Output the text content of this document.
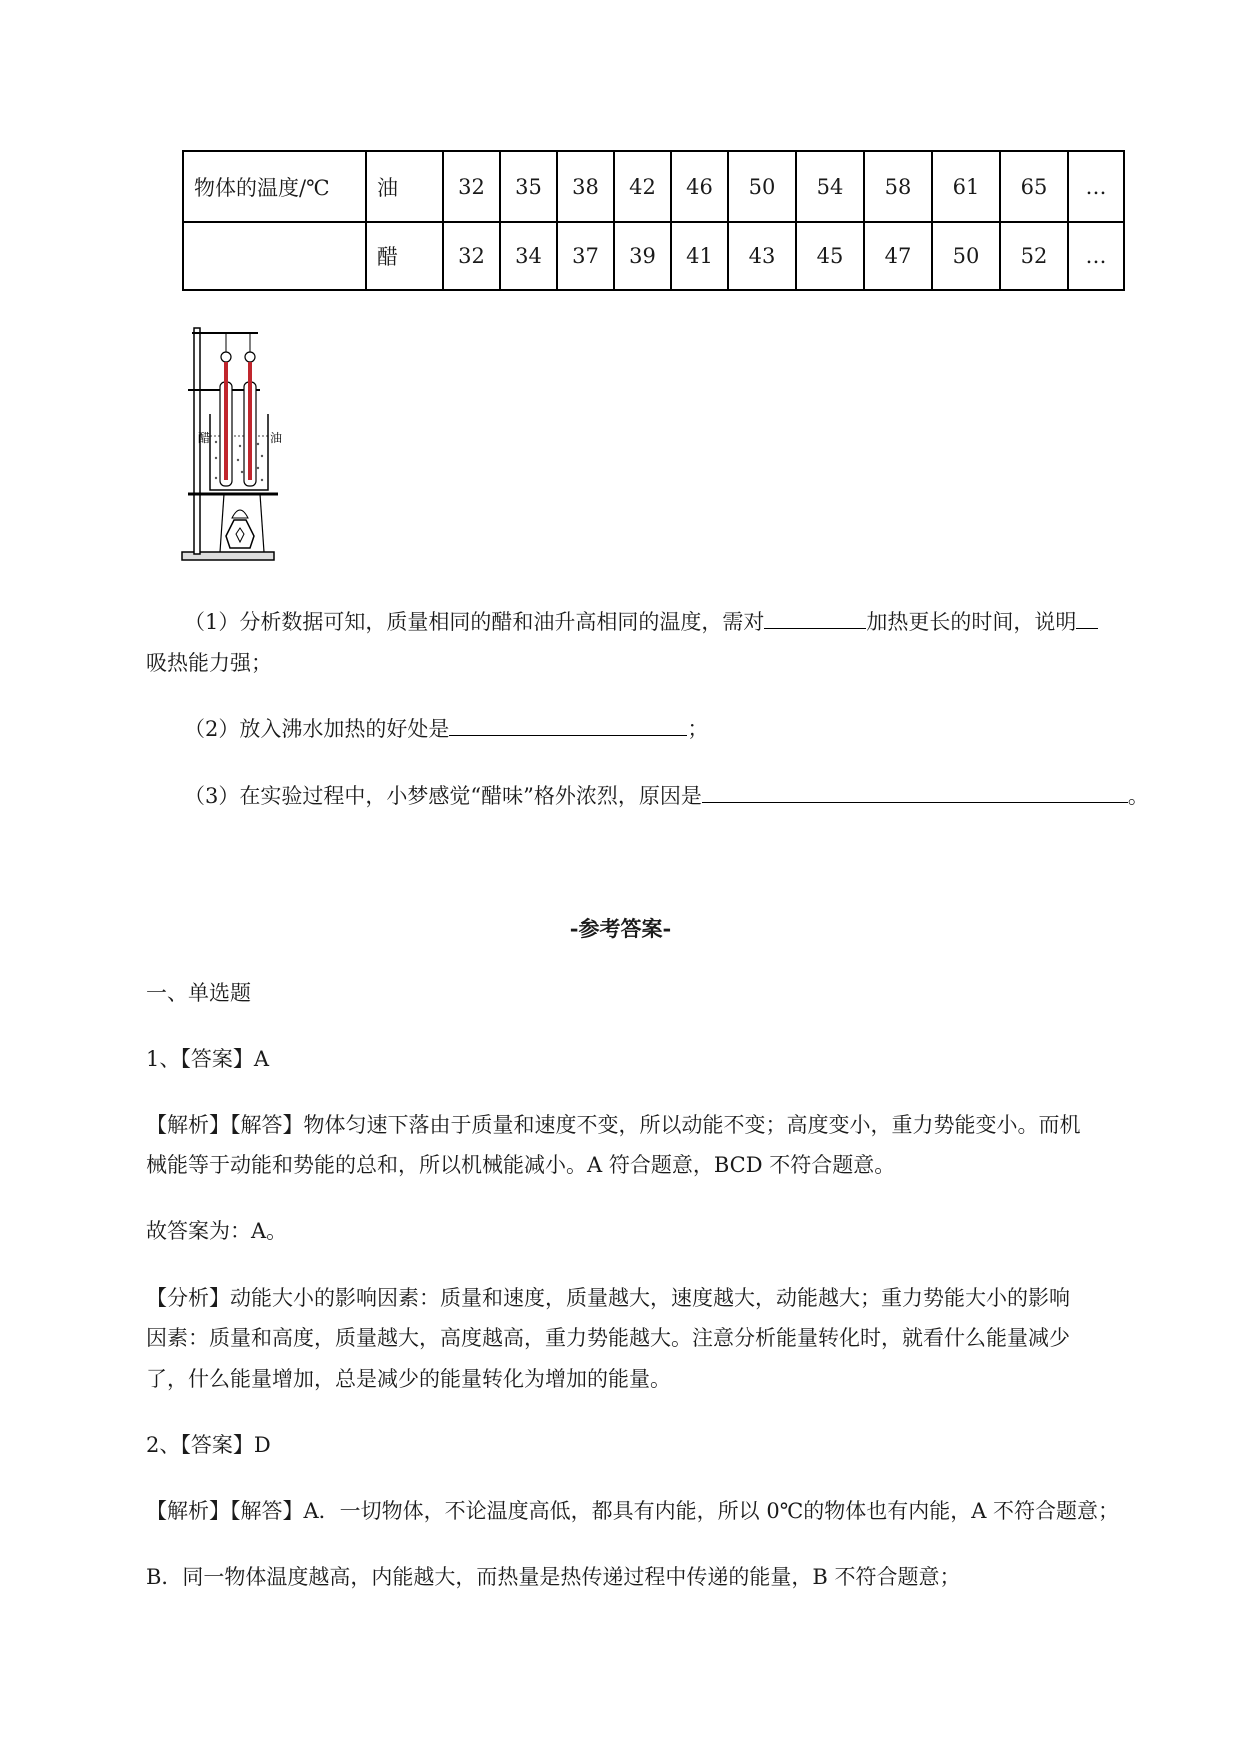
物体的温度/℃	油	32	35	38	42	46	50	54	58	61	65	…
	醋	32	34	37	39	41	43	45	47	50	52	…
醋	油
（1）分析数据可知，质量相同的醋和油升高相同的温度，需对	加热更长的时间，说明
吸热能力强；
（2）放入沸水加热的好处是	；
（3）在实验过程中，小梦感觉“醋味”格外浓烈，原因是	。
-参考答案-
一、单选题
1、【答案】A
【解析】【解答】物体匀速下落由于质量和速度不变，所以动能不变；高度变小，重力势能变小。而机
械能等于动能和势能的总和，所以机械能减小。A 符合题意，BCD 不符合题意。
故答案为：A。
【分析】动能大小的影响因素：质量和速度，质量越大，速度越大，动能越大；重力势能大小的影响
因素：质量和高度，质量越大，高度越高，重力势能越大。注意分析能量转化时，就看什么能量减少
了，什么能量增加，总是减少的能量转化为增加的能量。
2、【答案】D
【解析】【解答】A．一切物体，不论温度高低，都具有内能，所以 0℃的物体也有内能，A 不符合题意；
B．同一物体温度越高，内能越大，而热量是热传递过程中传递的能量，B 不符合题意；
